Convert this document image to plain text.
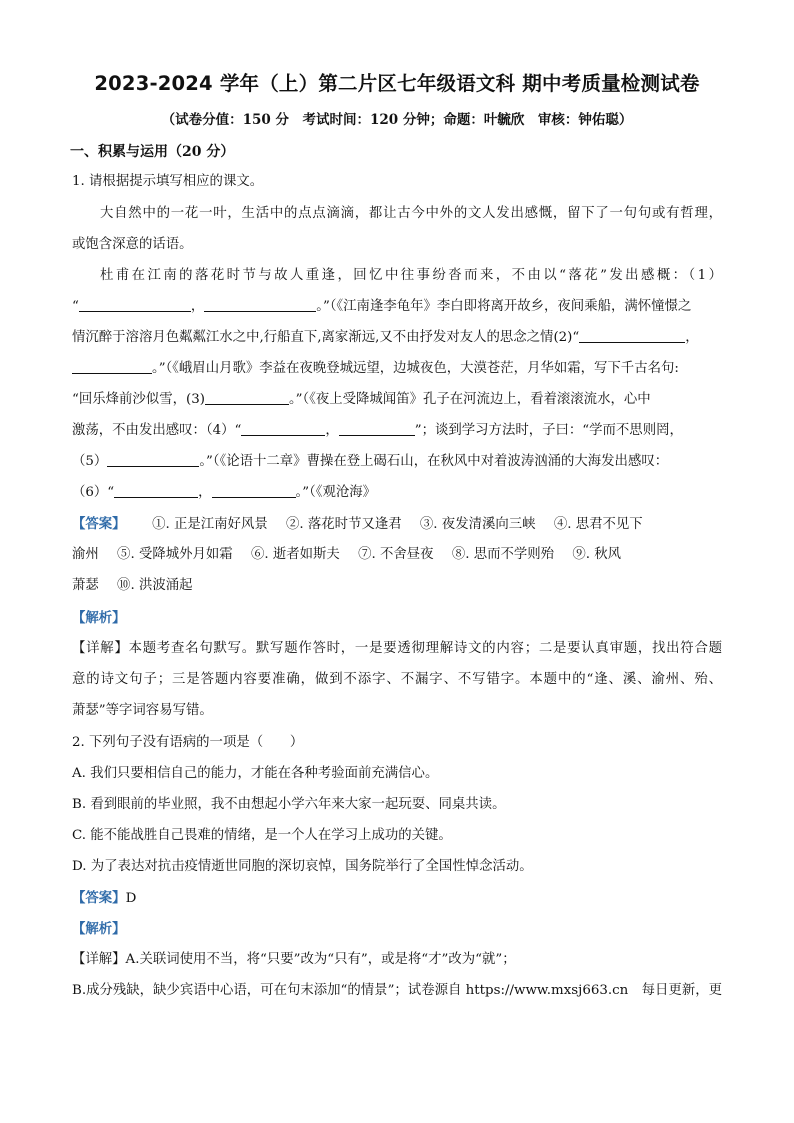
2023-2024 学年（上）第二片区七年级语文科 期中考质量检测试卷
（试卷分值：150 分　考试时间：120 分钟；命题：叶毓欣　审核：钟佑聪）
一、积累与运用（20 分）
1. 请根据提示填写相应的课文。
大自然中的一花一叶，生活中的点点滴滴，都让古今中外的文人发出感慨，留下了一句句或有哲理，
或饱含深意的话语。
杜甫在江南的落花时节与故人重逢，回忆中往事纷沓而来，不由以“落花”发出感概：（1）
“	，	。”（《江南逢李龟年》李白即将离开故乡，夜间乘船，满怀憧憬之
情沉醉于溶溶月色粼粼江水之中,行船直下,离家渐远,又不由抒发对友人的思念之情(2)“	，
。”（《峨眉山月歌》李益在夜晚登城远望，边城夜色，大漠苍茫，月华如霜，写下千古名句:
“回乐烽前沙似雪，(3)	。”（《夜上受降城闻笛》孔子在河流边上，看着滚滚流水，心中
激荡，不由发出感叹：（4）“	，	”；谈到学习方法时，子曰：“学而不思则罔，
（5）	。”（《论语十二章》曹操在登上碣石山，在秋风中对着波涛汹涌的大海发出感叹：
（6）“	，	。”（《观沧海》
【答案】 ①. 正是江南好风景 ②. 落花时节又逢君 ③. 夜发清溪向三峡 ④. 思君不见下
渝州 ⑤. 受降城外月如霜 ⑥. 逝者如斯夫 ⑦. 不舍昼夜 ⑧. 思而不学则殆 ⑨. 秋风
萧瑟 ⑩. 洪波涌起
【解析】
【详解】本题考查名句默写。默写题作答时，一是要透彻理解诗文的内容；二是要认真审题，找出符合题
意的诗文句子；三是答题内容要准确，做到不添字、不漏字、不写错字。本题中的“逢、溪、渝州、殆、
萧瑟”等字词容易写错。
2. 下列句子没有语病的一项是（　　）
A. 我们只要相信自己的能力，才能在各种考验面前充满信心。
B. 看到眼前的毕业照，我不由想起小学六年来大家一起玩耍、同桌共读。
C. 能不能战胜自己畏难的情绪，是一个人在学习上成功的关键。
D. 为了表达对抗击疫情逝世同胞的深切哀悼，国务院举行了全国性悼念活动。
【答案】D
【解析】
【详解】A.关联词使用不当，将“只要”改为“只有”，或是将“才”改为“就”；
B.成分残缺，缺少宾语中心语，可在句末添加“的情景”；试卷源自 https://www.mxsj663.cn　每日更新，更
